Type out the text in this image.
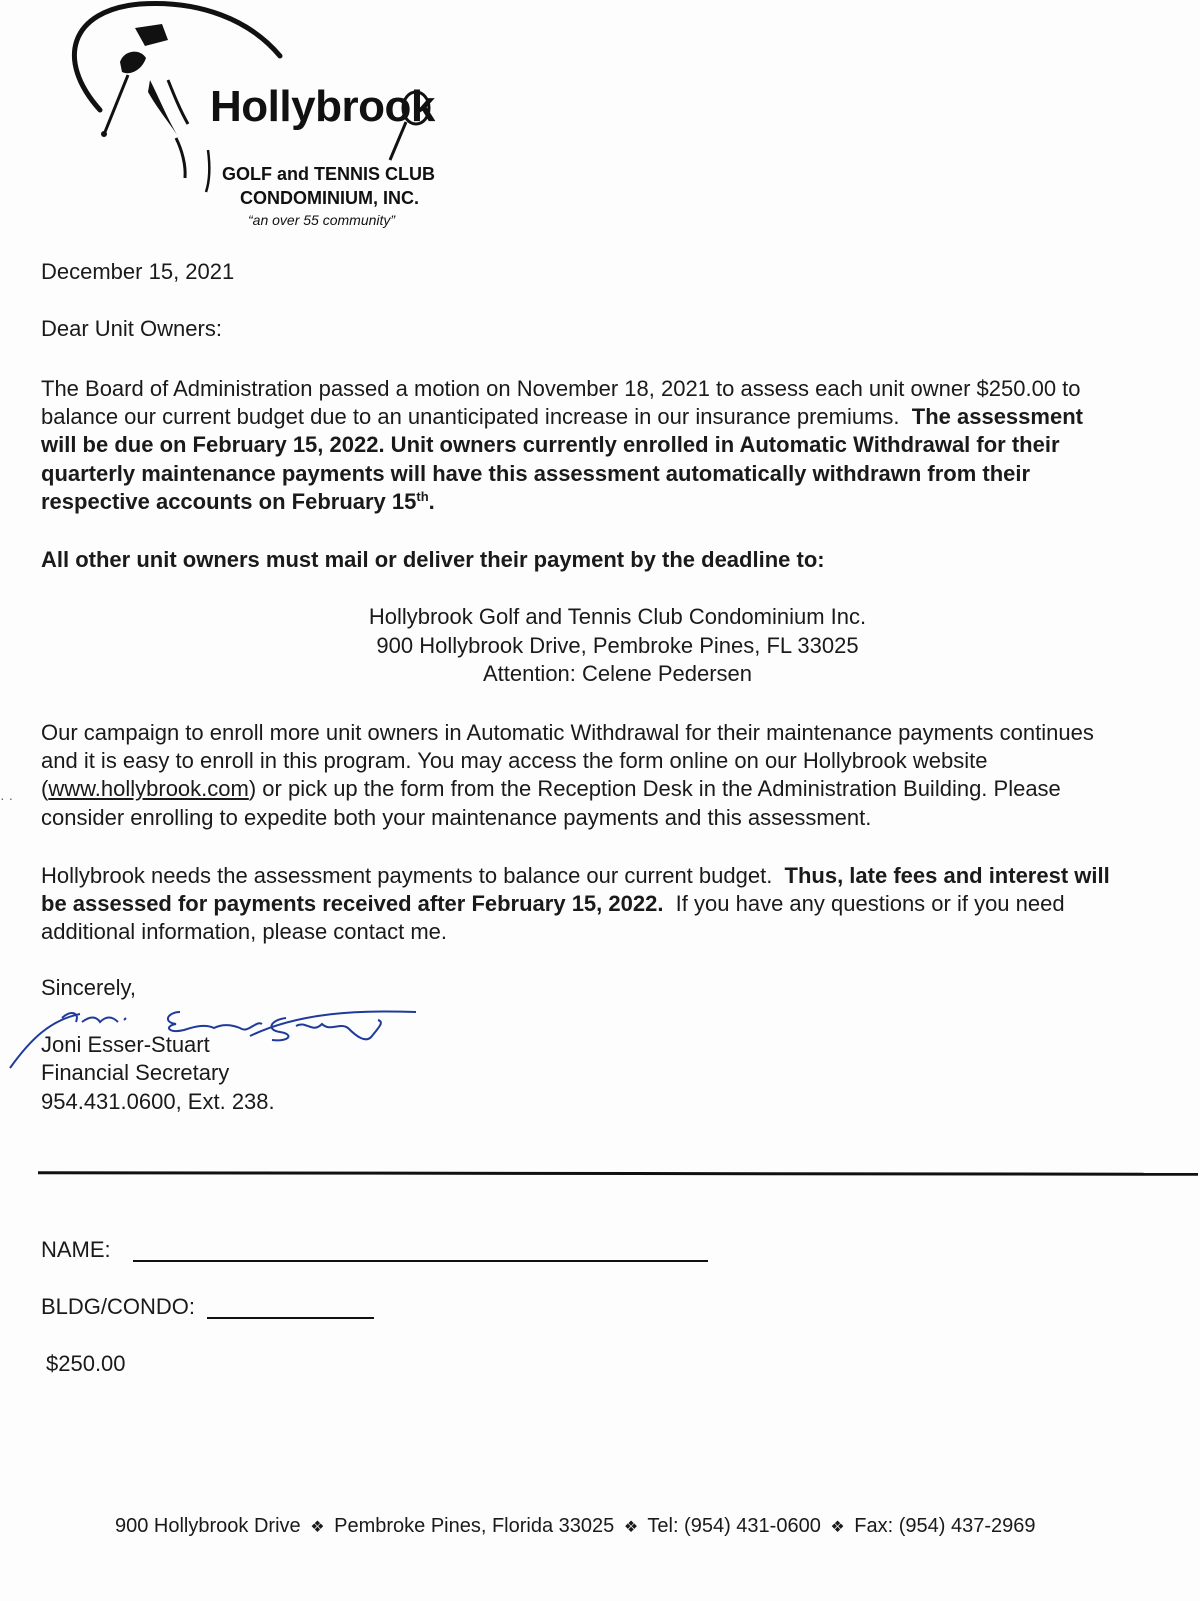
Hollybrook
GOLF and TENNIS CLUB
CONDOMINIUM, INC.
“an over 55 community”
December 15, 2021
Dear Unit Owners:
The Board of Administration passed a motion on November 18, 2021 to assess each unit owner $250.00 to
balance our current budget due to an unanticipated increase in our insurance premiums. The assessment
will be due on February 15, 2022. Unit owners currently enrolled in Automatic Withdrawal for their
quarterly maintenance payments will have this assessment automatically withdrawn from their
respective accounts on February 15th.
All other unit owners must mail or deliver their payment by the deadline to:
Hollybrook Golf and Tennis Club Condominium Inc.
900 Hollybrook Drive, Pembroke Pines, FL 33025
Attention: Celene Pedersen
· ·
Our campaign to enroll more unit owners in Automatic Withdrawal for their maintenance payments continues
and it is easy to enroll in this program. You may access the form online on our Hollybrook website
(www.hollybrook.com) or pick up the form from the Reception Desk in the Administration Building. Please
consider enrolling to expedite both your maintenance payments and this assessment.
Hollybrook needs the assessment payments to balance our current budget.  Thus, late fees and interest will
be assessed for payments received after February 15, 2022.  If you have any questions or if you need
additional information, please contact me.
Sincerely,
Joni Esser-Stuart
Financial Secretary
954.431.0600, Ext. 238.
NAME:
BLDG/CONDO:
$250.00
900 Hollybrook Drive ❖ Pembroke Pines, Florida 33025 ❖ Tel: (954) 431-0600 ❖ Fax: (954) 437-2969
